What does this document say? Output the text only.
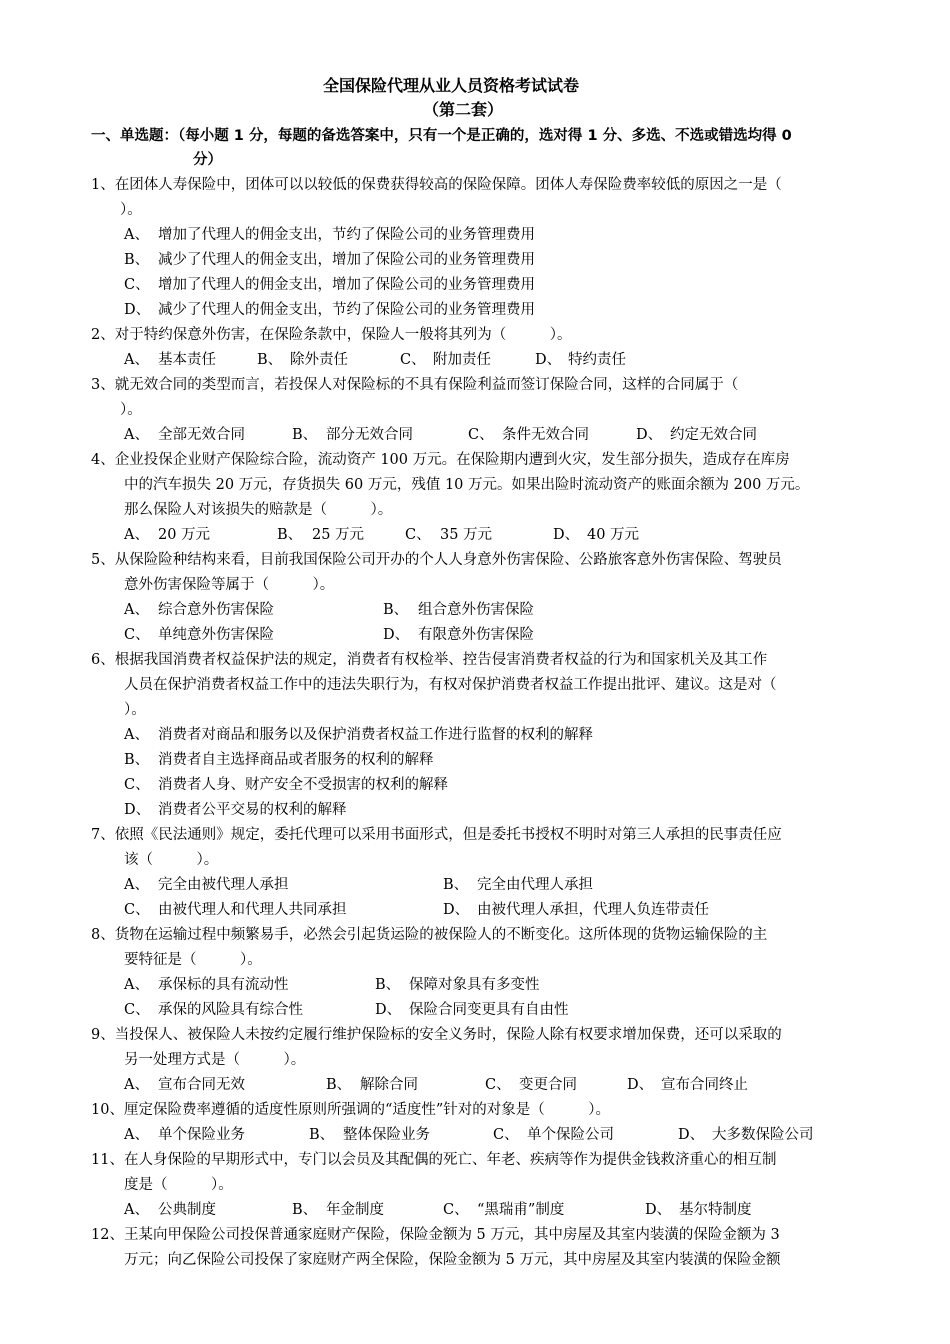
全国保险代理从业人员资格考试试卷
（第二套）
一、单选题：（每小题 1 分，每题的备选答案中，只有一个是正确的，选对得 1 分、多选、不选或错选均得 0
分）
1、在团体人寿保险中，团体可以以较低的保费获得较高的保险保障。团体人寿保险费率较低的原因之一是（
）。
A、 增加了代理人的佣金支出，节约了保险公司的业务管理费用
B、 减少了代理人的佣金支出，增加了保险公司的业务管理费用
C、 增加了代理人的佣金支出，增加了保险公司的业务管理费用
D、 减少了代理人的佣金支出，节约了保险公司的业务管理费用
2、对于特约保意外伤害，在保险条款中，保险人一般将其列为（　　　）。
A、 基本责任	B、 除外责任	C、 附加责任	D、 特约责任
3、就无效合同的类型而言，若投保人对保险标的不具有保险利益而签订保险合同，这样的合同属于（
）。
A、 全部无效合同	B、 部分无效合同	C、 条件无效合同	D、 约定无效合同
4、企业投保企业财产保险综合险，流动资产 100 万元。在保险期内遭到火灾，发生部分损失，造成存在库房
中的汽车损失 20 万元，存货损失 60 万元，残值 10 万元。如果出险时流动资产的账面余额为 200 万元。
那么保险人对该损失的赔款是（　　　）。
A、 20 万元	B、 25 万元	C、 35 万元	D、 40 万元
5、从保险险种结构来看，目前我国保险公司开办的个人人身意外伤害保险、公路旅客意外伤害保险、驾驶员
意外伤害保险等属于（　　　）。
A、 综合意外伤害保险	B、 组合意外伤害保险
C、 单纯意外伤害保险	D、 有限意外伤害保险
6、根据我国消费者权益保护法的规定，消费者有权检举、控告侵害消费者权益的行为和国家机关及其工作
人员在保护消费者权益工作中的违法失职行为，有权对保护消费者权益工作提出批评、建议。这是对（
）。
A、 消费者对商品和服务以及保护消费者权益工作进行监督的权利的解释
B、 消费者自主选择商品或者服务的权利的解释
C、 消费者人身、财产安全不受损害的权利的解释
D、 消费者公平交易的权利的解释
7、依照《民法通则》规定，委托代理可以采用书面形式，但是委托书授权不明时对第三人承担的民事责任应
该（　　　）。
A、 完全由被代理人承担	B、 完全由代理人承担
C、 由被代理人和代理人共同承担	D、 由被代理人承担，代理人负连带责任
8、货物在运输过程中频繁易手，必然会引起货运险的被保险人的不断变化。这所体现的货物运输保险的主
要特征是（　　　）。
A、 承保标的具有流动性	B、 保障对象具有多变性
C、 承保的风险具有综合性	D、 保险合同变更具有自由性
9、当投保人、被保险人未按约定履行维护保险标的安全义务时，保险人除有权要求增加保费，还可以采取的
另一处理方式是（　　　）。
A、 宣布合同无效	B、 解除合同	C、 变更合同	D、 宣布合同终止
10、厘定保险费率遵循的适度性原则所强调的“适度性”针对的对象是（　　　）。
A、 单个保险业务	B、 整体保险业务	C、 单个保险公司	D、 大多数保险公司
11、在人身保险的早期形式中，专门以会员及其配偶的死亡、年老、疾病等作为提供金钱救济重心的相互制
度是（　　　）。
A、 公典制度	B、 年金制度	C、 “黑瑞甫”制度	D、 基尔特制度
12、王某向甲保险公司投保普通家庭财产保险，保险金额为 5 万元，其中房屋及其室内装潢的保险金额为 3
万元；向乙保险公司投保了家庭财产两全保险，保险金额为 5 万元，其中房屋及其室内装潢的保险金额
